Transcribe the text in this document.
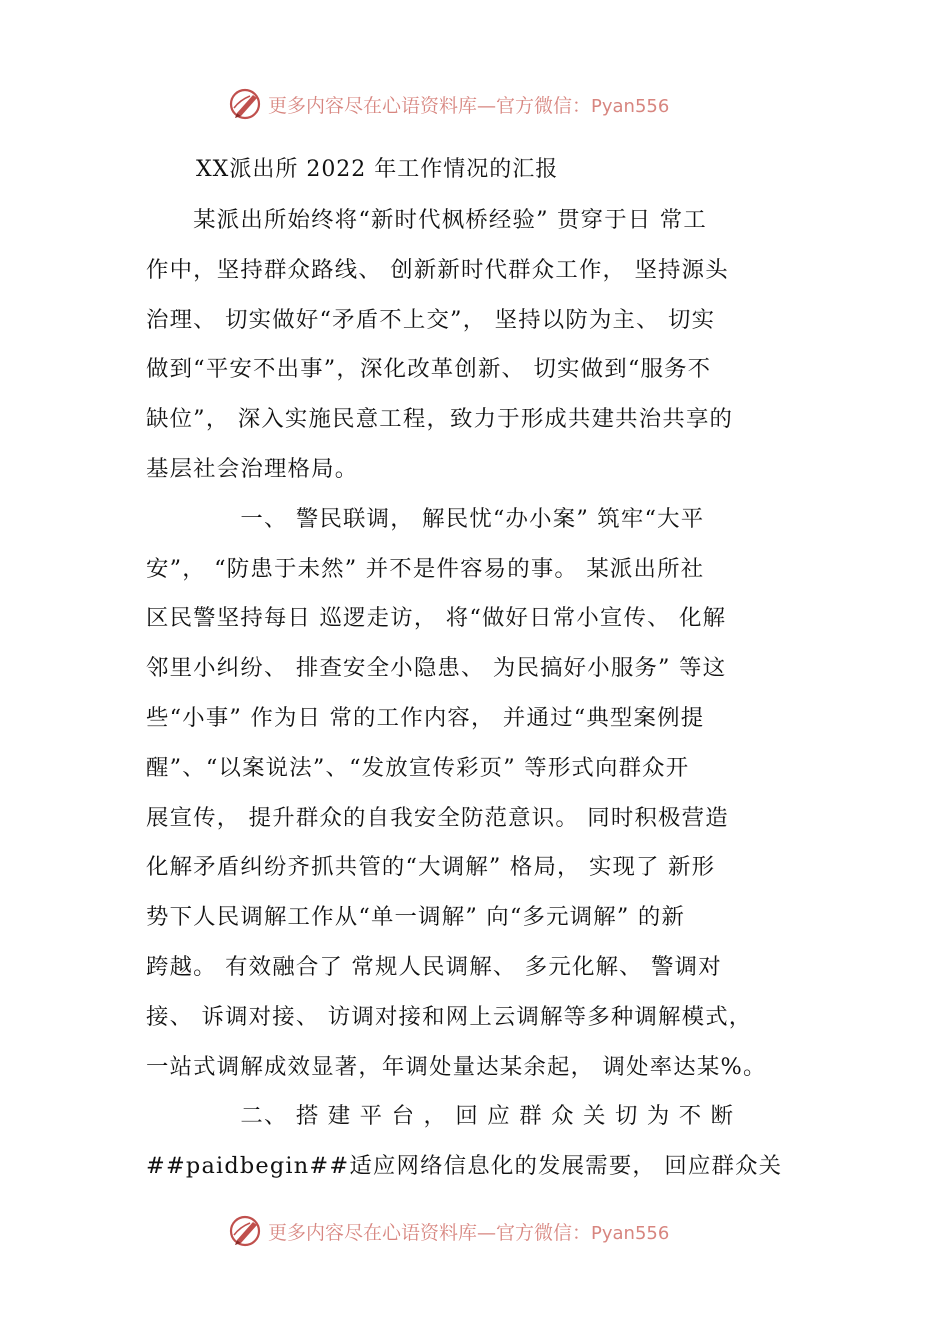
更多内容尽在心语资料库—官方微信：Pyan556
XX派出所 2022 年工作情况的汇报
　　某派出所始终将“新时代枫桥经验” 贯穿于日 常工
作中，坚持群众路线、 创新新时代群众工作， 坚持源头
治理、 切实做好“矛盾不上交”， 坚持以防为主、 切实
做到“平安不出事”，深化改革创新、 切实做到“服务不
缺位”， 深入实施民意工程，致力于形成共建共治共享的
基层社会治理格局。
　　　　一、 警民联调， 解民忧“办小案” 筑牢“大平
安”， “防患于未然” 并不是件容易的事。 某派出所社
区民警坚持每日 巡逻走访， 将“做好日常小宣传、 化解
邻里小纠纷、 排查安全小隐患、 为民搞好小服务” 等这
些“小事” 作为日 常的工作内容， 并通过“典型案例提
醒”、“以案说法”、“发放宣传彩页” 等形式向群众开
展宣传， 提升群众的自我安全防范意识。 同时积极营造
化解矛盾纠纷齐抓共管的“大调解” 格局， 实现了 新形
势下人民调解工作从“单一调解” 向“多元调解” 的新
跨越。 有效融合了 常规人民调解、 多元化解、 警调对
接、 诉调对接、 访调对接和网上云调解等多种调解模式，
一站式调解成效显著，年调处量达某余起， 调处率达某%。
　　　　二、 搭 建 平 台 ， 回 应 群 众 关 切 为 不 断
##paidbegin##适应网络信息化的发展需要， 回应群众关
更多内容尽在心语资料库—官方微信：Pyan556
